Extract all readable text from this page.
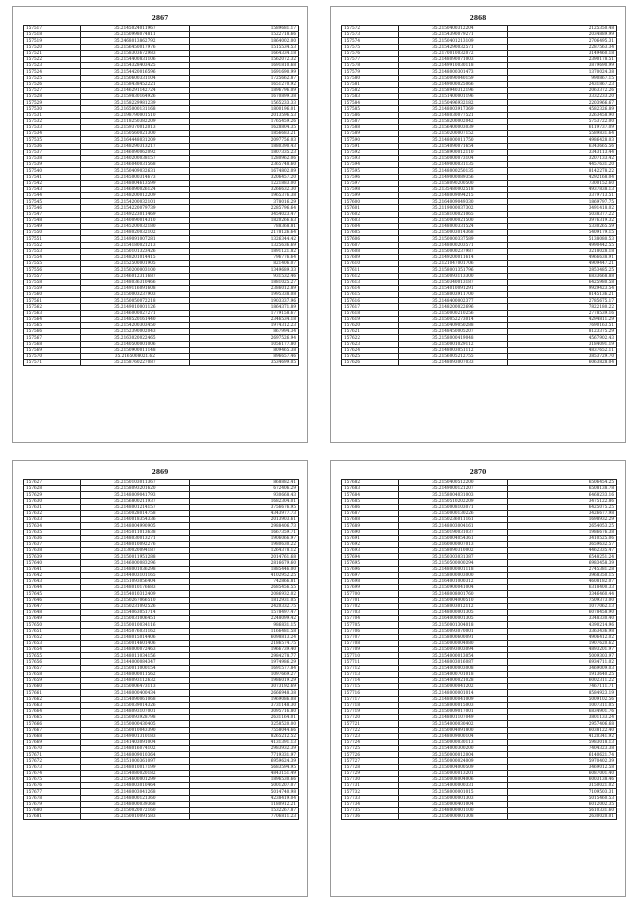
2867
157517	35.2145024011967	1589681.17
157518	35.2150998074811	1522718.66
157519	35.2468013862792	1864002.00
157520	35.2156450017976	1515534.53
157521	35.2158303672983	1664334.18
157522	35.2154400831106	1562072.32
157523	35.2154328403425	1691810.68
157524	35.2154420016596	1691690.99
157525	35.2150600331104	1725662.87
157526	35.2158438452221	1651270.92
157527	35.2146291142724	1896796.09
157528	35.2159830164926	1670899.38
157529	35.2158229981239	1565233.33
157530	35.2165000131168	1800196.01
157531	35.2198790001510	2013596.53
157532	35.2118250382209	1765459.26
157533	35.2159370012013	1628804.35
157534	35.2150560021300	1856683.21
157535	35.2164448031209	2097756.03
157536	35.2148290313217	1880390.43
157537	35.2146090062092	1807335.23
157538	35.2140200038157	1280962.06
157539	35.2146040031568	2365748.60
157540	35.2150409032631	1674802.09
157541	35.2145000314673	3206457.20
157542	35.2148004613599	1221883.00
157543	35.2146090026124	3266632.30
157544	35.2148200012209	1965376.38
157545	35.2154200032101	378016.29
157546	35.2154220079739	2285796.64
157547	35.2149223011469	3454023.47
157548	35.2140090014310	1820266.63
157549	35.2145200032180	788368.81
157550	35.2148020032102	2178126.64
157551	35.2149091007281	1326344.42
157552	35.2154180021213	1325636.69
157553	35.2150101323426	1891121.82
157554	35.2148201014415	796776.64
157555	35.2152500001905	821406.07
157556	35.2150200003100	1349689.33
157557	35.2146012311687	931532.46
157558	35.2148036310466	1881025.27
157559	35.2149116091608	2386012.89
157560	35.2150003237903	1995338.08
157561	35.2150050072218	1903337.96
157562	35.2149010001126	1864371.89
157563	35.2146000027271	1779158.67
157564	35.2148520161440	2346534.18
157565	35.2154200303450	1974312.23
157566	35.2152390002043	867994.34
157567	35.2163020022465	2697526.94
157568	35.2140500001006	1056177.80
157569	35.2150900011148	809465.38
157570	35.2165008021.62	896657.46
157571	35.2158760227087	3534699.05
2868
157572	35.2150400312204	2125350.48
157573	35.2154390079271	2034889.99
157574	35.2150401213109	2706495.31
157575	35.2154290032571	2287563.34
157576	35.2170010032072	3149460.18
157577	35.2148090071003	2390178.51
157578	35.2149910030118	3879690.99
157579	35.2148000301473	1370024.38
157580	35.2150090040159	990867.15
157581	35.2149000025066	2431867.23
157582	35.2158940312196	2063372.26
157583	35.2151400001196	3332233.20
157584	35.2150496932182	2203966.67
157585	35.2148003917369	4582326.89
157586	35.2148030077521	3263458.90
157587	35.2158200002042	5753722.00
157588	35.2156400003039	6119737.09
157589	35.2150200007152	5589831.64
157590	35.2148000011750	4986428.03
157591	35.2154090071654	6343665.56
157592	35.2158900012110	3343113.44
157593	35.2150000073104	3207133.42
157594	35.2149000031135	4457631.20
157595	35.2148000250135	8142278.22
157596	35.2149000089356	4292168.04
157597	35.2158090200500	7300152.60
157598	35.2135480002518	4937838.13
157599	35.2148009094215	3379713.51
157600	35.2164009049330	1869797.75
157601	35.2119000037302	3491418.02
157602	35.2158100021065	5038377.22
157603	35.2150000021500	3976319.32
157604	35.2148000331524	5330265.59
157605	35.2150003014368	5409179.15
157606	35.2150000337589	5138080.53
157607	35.2148000203571	4990442.55
157608	35.2150000237987	3218028.18
157609	35.2149200011614	4966638.91
157610	35.2121047001706	4909447.21
157611	35.2158001351796	2853485.25
157612	35.2150093113300	6833668.88
157613	35.2150340013187	6425980.58
157614	35.2154010091291	9929423.54
157615	35.2158003911700	8145136.21
157616	35.2148400002377	2785675.17
157617	35.2148200022696	7822180.22
157618	35.2150000210256	2778539.16
157619	35.2150052273014	4294811.29
157620	35.2150409050288	7690163.51
157621	35.2148450005207	8123375.29
157622	35.2158000419048	4567902.43
157623	35.2150001029112	3184091.19
157624	35.2148003051112	4837652.11
157625	35.2156005212755	3853729.70
157626	35.2148093007033	6063828.04
2869
157627	35.2150103011367	868882.41
157628	35.2158093201620	672406.29
157629	35.2148009041793	930668.43
157630	35.2156800211937	1682304.01
157631	35.2148001214157	3756676.95
157632	35.2150028014758	4343977.73
157633	35.2140018354336	2013903.61
157634	35.2148004990905	2988406.73
157635	35.2145011013638	1667359.71
157636	35.2148030013271	1906066.97
157637	35.2148010092276	1980630.22
157638	35.2130020094187	1264378.12
157639	35.2150011951288	2014761.68
157640	35.2146000083296	2816679.60
157641	35.2148001036298	1885446.00
157642	35.2144003101165	4102952.25
157643	35.2151093056404	742866.81
157644	35.2148010176683	2685456.55
157645	35.2154010312409	2086932.02
157646	35.2150267066510	1812931.05
157647	35.2150231092526	2420332.75
157648	35.2154063051714	1578497.47
157649	35.2150031006451	2248099.42
157650	35.2150010034116	986831.15
157651	35.2145076031162	1166481.58
157652	35.2148015014406	6098813.24
157653	35.2150014601406	2186574.75
157654	35.2148000072463	1966739.40
157655	35.2148011034156	2984278.77
157656	35.2144000084347	1974986.29
157657	35.2150011000154	1691577.84
157658	35.2148000011562	1097669.27
157659	35.2148093112632	1986019.29
157660	35.2150006473113	3073192.69
157661	35.2148000400434	2666948.38
157662	35.2154090061068	1969086.08
157663	35.2150039014326	3731148.30
157664	35.2148093107001	3095716.80
157665	35.2150093928798	2631164.01
157666	35.2150000430405	3258520.00
157667	35.2150010043390	7558044.66
157668	35.2149001310183	8265212.52
157669	35.2141403091004	4131391.13
157670	35.2148016074102	2983932.39
157671	35.2148009010364	7719331.97
157672	35.2151000361097	6959624.39
157673	35.2148010017199	5683594.95
157674	35.2154080020182	4843151.49
157675	35.2154600001299	1896530.66
157676	35.2148003010464	5001207.07
157677	35.2148003041268	5014740.98
157678	35.2148000121360	4238419.04
157679	35.2148000039368	1180912.21
157680	35.2150020072160	1532267.87
157681	35.2150010091583	7706811.23
2870
157682	35.2150400512200	6506454.25
157683	35.2149000121207	6508138.78
157684	35.2158004031003	6468233.16
157685	35.2150510202209	3475122.86
157686	35.2150008103071	6425075.25
157687	35.2150000130226	3426677.98
157688	35.2150236011161	1698932.29
157689	35.2148003004161	2654053.25
157690	35.2150190031037	1986676.38
157691	35.2150004054361	3410525.06
157692	35.2160000007013	3659632.57
157693	35.2158090310002	4462335.47
157694	35.2150303031387	6548251.24
157695	35.2150500000294	6983458.39
157696	35.2148000001118	2745381.28
157697	35.2158000003000	3968350.15
157698	35.2164001000312	4608182.07
157699	35.2150900041004	6318400.33
157700	35.2148008001760	3346460.44
157701	35.2150004000510	7509373.00
157702	35.2158003012112	1077062.13
157703	35.2148000001305	6078458.90
157704	35.2164000001305	3348330.40
157705	35.2150001304018	4390214.96
157706	35.2150093070001	3363436.98
157707	35.2158000600091	4906412.02
157708	35.2150000004080	1907620.62
157709	35.2150093003094	4893201.97
157710	35.2154000013054	5009303.97
157711	35.2148003016087	6934711.02
157712	35.2154000003008	3469009.03
157713	35.2154000701018	1913640.25
157714	35.2154000021028	6002311.22
157715	35.2150000041202	7467111.71
157716	35.2148000001014	8584923.19
157717	35.2148000041009	5009102.56
157718	35.2158000015003	1007311.05
157719	35.2150009017001	6834901.76
157720	35.2148001107049	3801133.24
157721	35.2154000030402	2957406.68
157722	35.2150004091800	6038122.40
157723	35.2148009000104	4120341.92
157724	35.2150000030113	5983018.13
157725	35.2154000300200	7404323.38
157726	35.2150000012004	6140621.74
157727	35.2150000024009	5970402.39
157728	35.2150004000509	3469012.58
157729	35.2150000013201	6087001.40
157730	35.2150008004006	6003138.46
157731	35.2154000000331	3150021.02
157732	35.2158000001015	7109503.31
157733	35.2150000001303	5015460.53
157734	35.2150000401004	6012002.35
157735	35.2148000001100	5610331.60
157736	35.2150000001308	2630020.01
